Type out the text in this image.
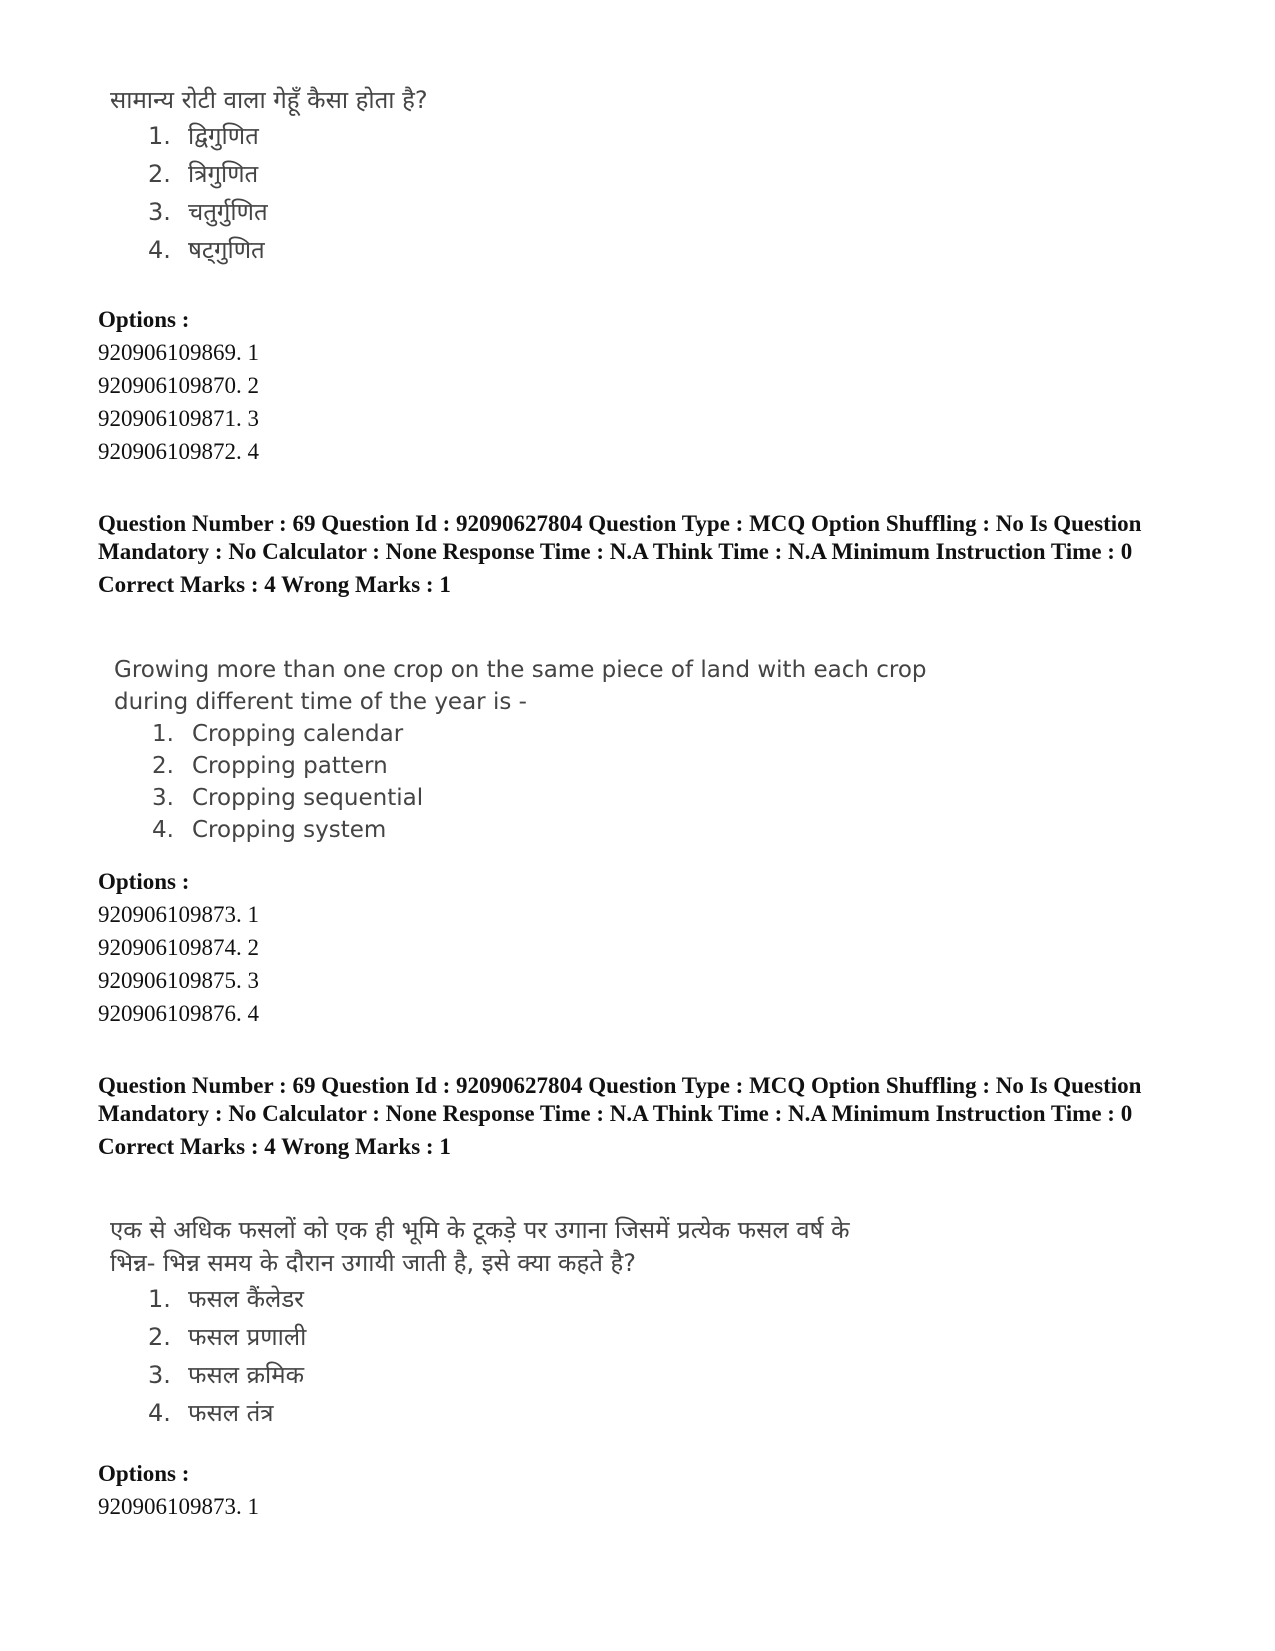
सामान्य रोटी वाला गेहूँ कैसा होता है?

1. द्विगुणित
2. त्रिगुणित
3. चतुर्गुणित
4. षट्गुणित

Options :

920906109869. 1

920906109870. 2

920906109871. 3

920906109872. 4

Question Number : 69 Question Id : 92090627804 Question Type : MCQ Option Shuffling : No Is Question Mandatory : No Calculator : None Response Time : N.A Think Time : N.A Minimum Instruction Time : 0

Correct Marks : 4 Wrong Marks : 1

Growing more than one crop on the same piece of land with each crop

during different time of the year is -

1. Cropping calendar
2. Cropping pattern
3. Cropping sequential
4. Cropping system

Options :

920906109873. 1

920906109874. 2

920906109875. 3

920906109876. 4

Question Number : 69 Question Id : 92090627804 Question Type : MCQ Option Shuffling : No Is Question Mandatory : No Calculator : None Response Time : N.A Think Time : N.A Minimum Instruction Time : 0

Correct Marks : 4 Wrong Marks : 1

एक से अधिक फसलों को एक ही भूमि के टूकड़े पर उगाना जिसमें प्रत्येक फसल वर्ष के

भिन्न- भिन्न समय के दौरान उगायी जाती है, इसे क्या कहते है?

1. फसल कैंलेडर
2. फसल प्रणाली
3. फसल क्रमिक
4. फसल तंत्र

Options :

920906109873. 1
